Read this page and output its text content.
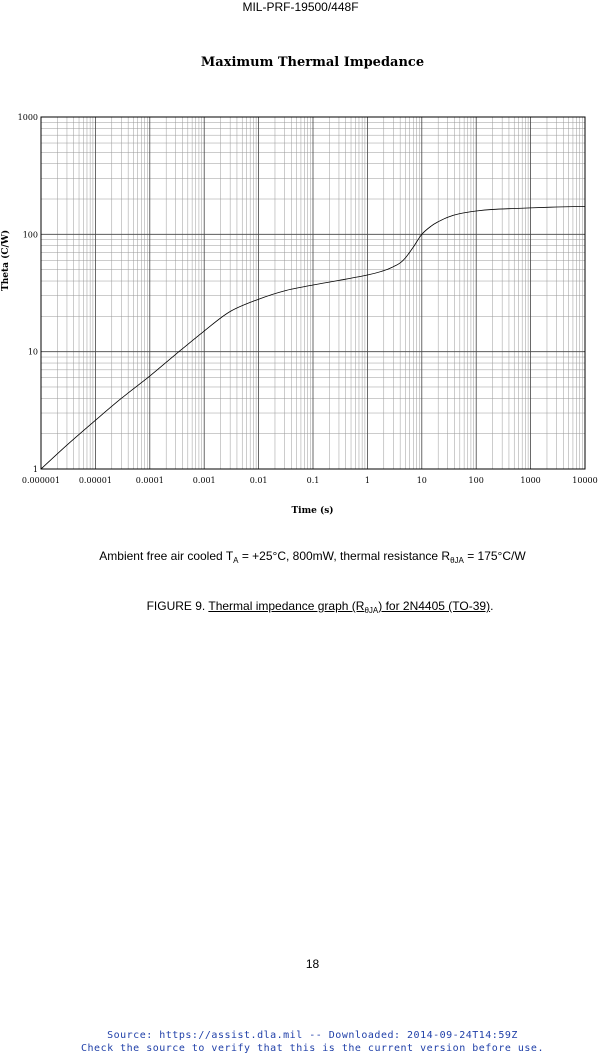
MIL-PRF-19500/448F
Maximum Thermal Impedance
Theta (C/W)
0.000001 0.00001	0.0001	0.001	0.01	0.1	1	10	100	1000	10000
1
10
100
1000
Time (s)
Ambient free air cooled $T_A = +25^\circ C$, 800mW, thermal resistance $R_{\theta JA} = 175^\circ C/W$
FIGURE 9. Thermal impedance graph $(R_{\theta JA})$ for 2N4405 (TO-39).
18
Source: https://assist.dla.mil -- Downloaded: 2014-09-24T14:59Z
Check the source to verify that this is the current version before use.
